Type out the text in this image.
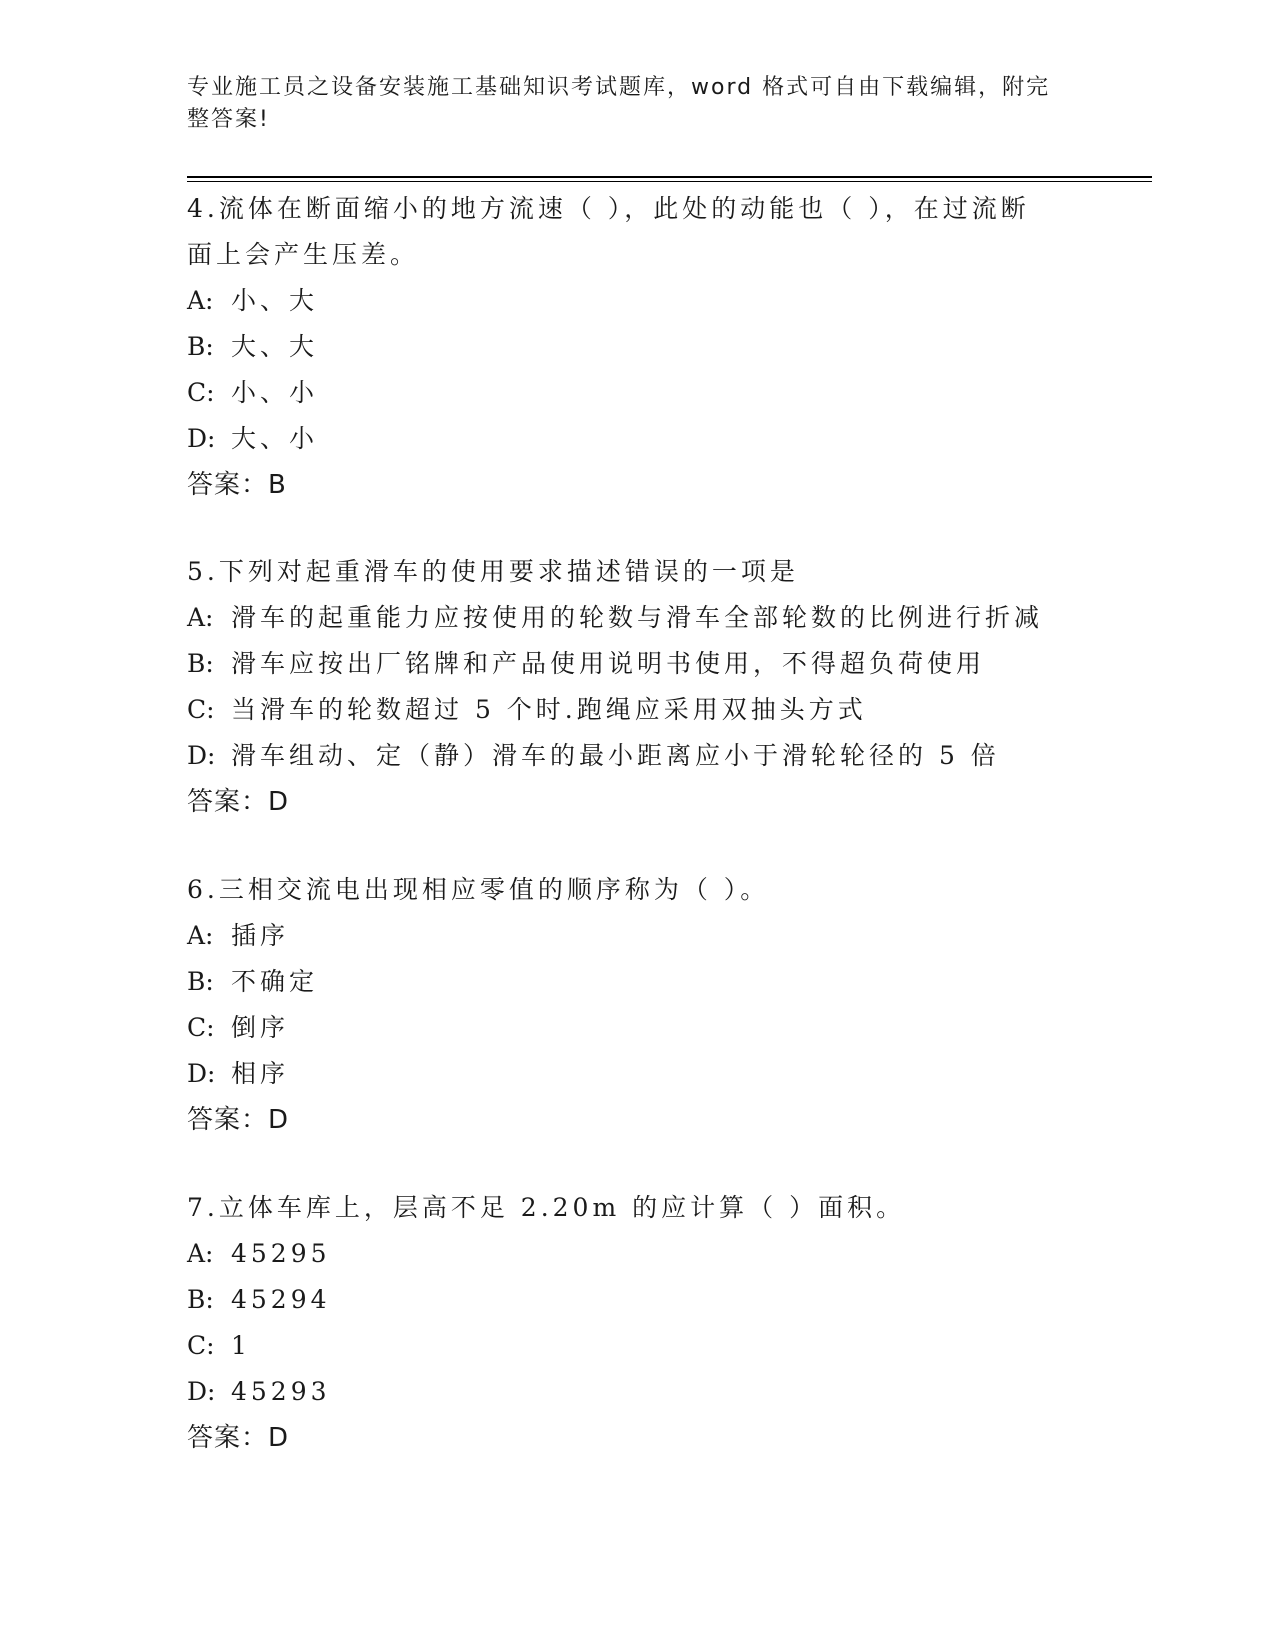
专业施工员之设备安装施工基础知识考试题库，word 格式可自由下载编辑，附完
整答案!

4.流体在断面缩小的地方流速（ ），此处的动能也（ ），在过流断

面上会产生压差。

A: 小、大

B: 大、大

C: 小、小

D: 大、小

答案：B

5.下列对起重滑车的使用要求描述错误的一项是

A: 滑车的起重能力应按使用的轮数与滑车全部轮数的比例进行折减

B: 滑车应按出厂铭牌和产品使用说明书使用，不得超负荷使用

C: 当滑车的轮数超过 5 个时.跑绳应采用双抽头方式

D: 滑车组动、定（静）滑车的最小距离应小于滑轮轮径的 5 倍

答案：D

6.三相交流电出现相应零值的顺序称为（ ）。

A: 插序

B: 不确定

C: 倒序

D: 相序

答案：D

7.立体车库上，层高不足 2.20m 的应计算（ ）面积。

A: 45295

B: 45294

C: 1

D: 45293

答案：D
